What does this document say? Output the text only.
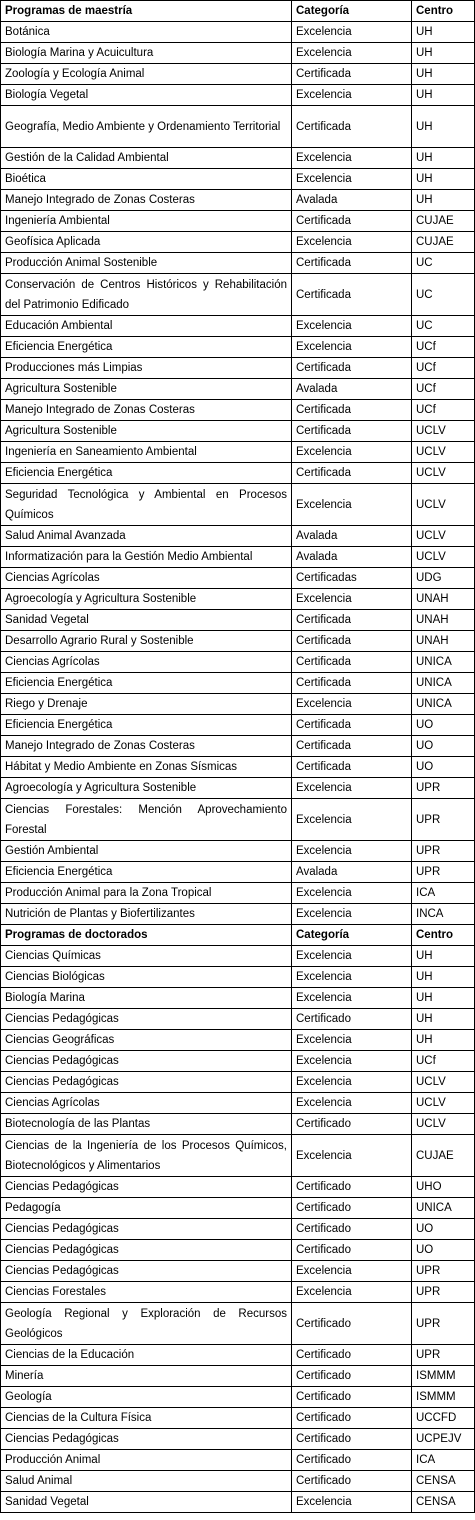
Programas de maestría	Categoría	Centro
Botánica	Excelencia	UH
Biología Marina y Acuicultura	Excelencia	UH
Zoología y Ecología Animal	Certificada	UH
Biología Vegetal	Excelencia	UH
Geografía, Medio Ambiente y Ordenamiento Territorial	Certificada	UH
Gestión de la Calidad Ambiental	Excelencia	UH
Bioética	Excelencia	UH
Manejo Integrado de Zonas Costeras	Avalada	UH
Ingeniería Ambiental	Certificada	CUJAE
Geofísica Aplicada	Excelencia	CUJAE
Producción Animal Sostenible	Certificada	UC
Conservación de Centros Históricos y Rehabilitación del Patrimonio Edificado	Certificada	UC
Educación Ambiental	Excelencia	UC
Eficiencia Energética	Excelencia	UCf
Producciones más Limpias	Certificada	UCf
Agricultura Sostenible	Avalada	UCf
Manejo Integrado de Zonas Costeras	Certificada	UCf
Agricultura Sostenible	Certificada	UCLV
Ingeniería en Saneamiento Ambiental	Excelencia	UCLV
Eficiencia Energética	Certificada	UCLV
Seguridad Tecnológica y Ambiental en Procesos Químicos	Excelencia	UCLV
Salud Animal Avanzada	Avalada	UCLV
Informatización para la Gestión Medio Ambiental	Avalada	UCLV
Ciencias Agrícolas	Certificadas	UDG
Agroecología y Agricultura Sostenible	Excelencia	UNAH
Sanidad Vegetal	Certificada	UNAH
Desarrollo Agrario Rural y Sostenible	Certificada	UNAH
Ciencias Agrícolas	Certificada	UNICA
Eficiencia Energética	Certificada	UNICA
Riego y Drenaje	Excelencia	UNICA
Eficiencia Energética	Certificada	UO
Manejo Integrado de Zonas Costeras	Certificada	UO
Hábitat y Medio Ambiente en Zonas Sísmicas	Certificada	UO
Agroecología y Agricultura Sostenible	Excelencia	UPR
Ciencias Forestales: Mención Aprovechamiento Forestal	Excelencia	UPR
Gestión Ambiental	Excelencia	UPR
Eficiencia Energética	Avalada	UPR
Producción Animal para la Zona Tropical	Excelencia	ICA
Nutrición de Plantas y Biofertilizantes	Excelencia	INCA
Programas de doctorados	Categoría	Centro
Ciencias Químicas	Excelencia	UH
Ciencias Biológicas	Excelencia	UH
Biología Marina	Excelencia	UH
Ciencias Pedagógicas	Certificado	UH
Ciencias Geográficas	Excelencia	UH
Ciencias Pedagógicas	Excelencia	UCf
Ciencias Pedagógicas	Excelencia	UCLV
Ciencias Agrícolas	Excelencia	UCLV
Biotecnología de las Plantas	Certificado	UCLV
Ciencias de la Ingeniería de los Procesos Químicos, Biotecnológicos y Alimentarios	Excelencia	CUJAE
Ciencias Pedagógicas	Certificado	UHO
Pedagogía	Certificado	UNICA
Ciencias Pedagógicas	Certificado	UO
Ciencias Pedagógicas	Certificado	UO
Ciencias Pedagógicas	Excelencia	UPR
Ciencias Forestales	Excelencia	UPR
Geología Regional y Exploración de Recursos Geológicos	Certificado	UPR
Ciencias de la Educación	Certificado	UPR
Minería	Certificado	ISMMM
Geología	Certificado	ISMMM
Ciencias de la Cultura Física	Certificado	UCCFD
Ciencias Pedagógicas	Certificado	UCPEJV
Producción Animal	Certificado	ICA
Salud Animal	Certificado	CENSA
Sanidad Vegetal	Excelencia	CENSA
